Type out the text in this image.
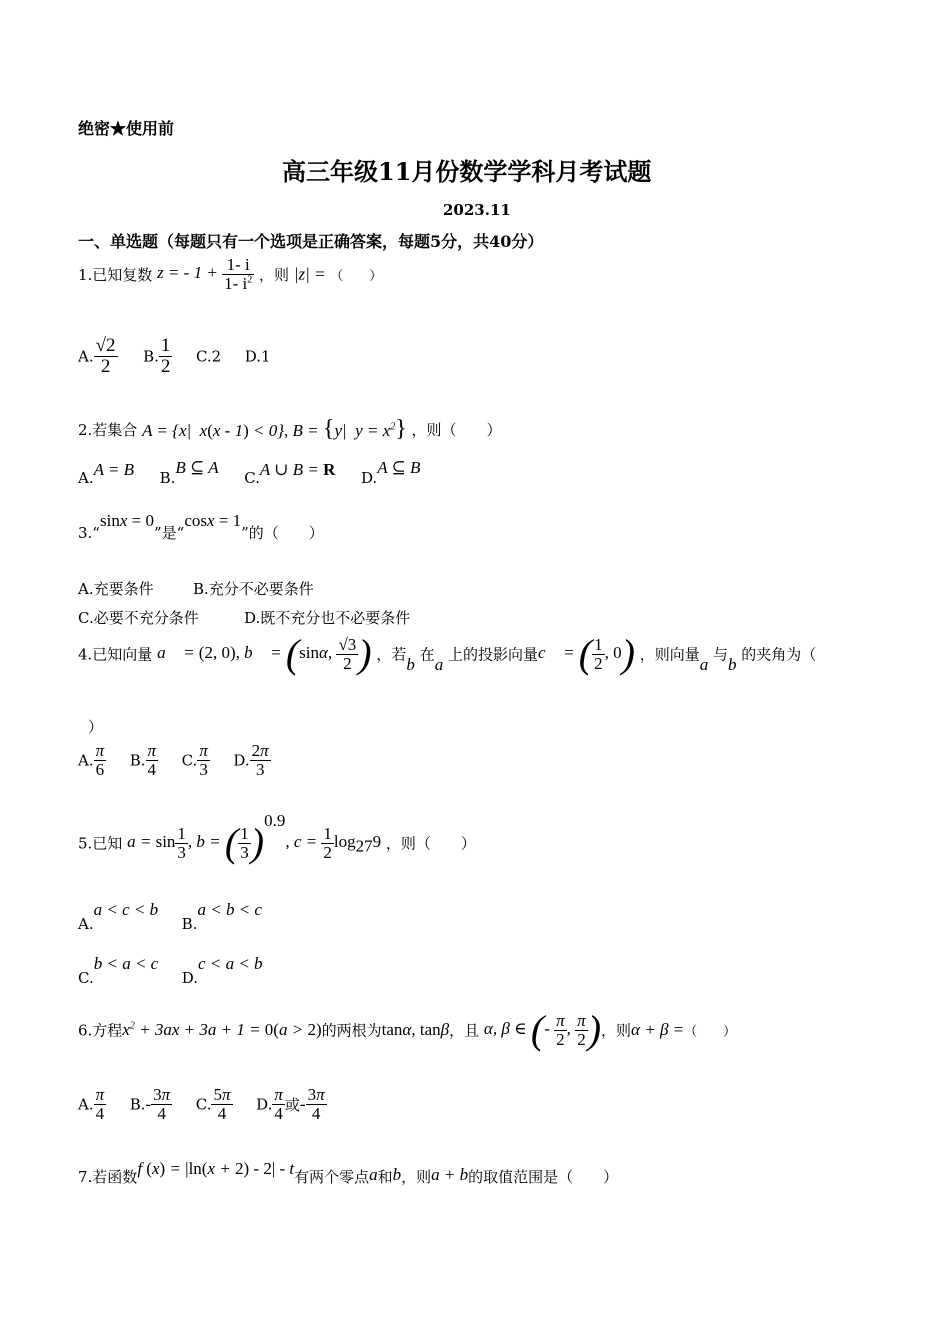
绝密★使用前
高三年级11月份数学学科月考试题
2023.11
一、单选题（每题只有一个选项是正确答案，每题5分，共40分）
1.已知复数 z = - $1 + \frac{1- i}{1- i^2}$ ，则 |z| = （　　）
A. $\frac{√2}{2} B$. $\frac{1}{2} C.2$ D.1
2.若集合 A = {x|  x(x - 1) < 0}, B = {y|  $y = x^2$} ，则（　　）
A.A = B B.B ⊆ A  C.A ∪ B = R D.A ⊆ B
3.“sinx = 0”是“cosx = 1”的（　　）
A.充要条件	B.充分不必要条件
C.必要不充分条件	D.既不充分也不必要条件
4.已知向量 a⃗ = (2, 0), b⃗ = (sinα, $\frac{√3}{2}$ ) ，若b 在a 上的投影向量c⃗ = ( $\frac{1}{2}$ , 0) ，则向量a 与b 的夹角为（
）
A. $\frac{\pi}{6} B$. $\frac{\pi}{4} C$. $\frac{\pi}{3} D$. $\frac{2\pi}{3}$
5.已知 $a = \sin \frac{1}{3}$ , b = ( $\frac{1}{3} )^{0.9}$, $c = \frac{1}{2} \log_{27}9$ ，则（　　）
A.a < c < b  B.a < b < c
C.b < a < c  D.c < a < b
6.方程$x^2 + 3ax + 3a + 1 = 0(a > 2)$的两根为tanα, tanβ，且 α, β ∈ (- $\frac{\pi}{2}$ , $\frac{\pi}{2}$ )，则α + β =（　　）
A. $\frac{\pi}{4} B.- \frac{3\pi}{4} C$. $\frac{5\pi}{4} D$. $\frac{\pi}{4}$ 或- $\frac{3\pi}{4}$
7.若函数f (x) = |ln(x + 2) - 2| - t有两个零点a和b，则a + b的取值范围是（　　）
